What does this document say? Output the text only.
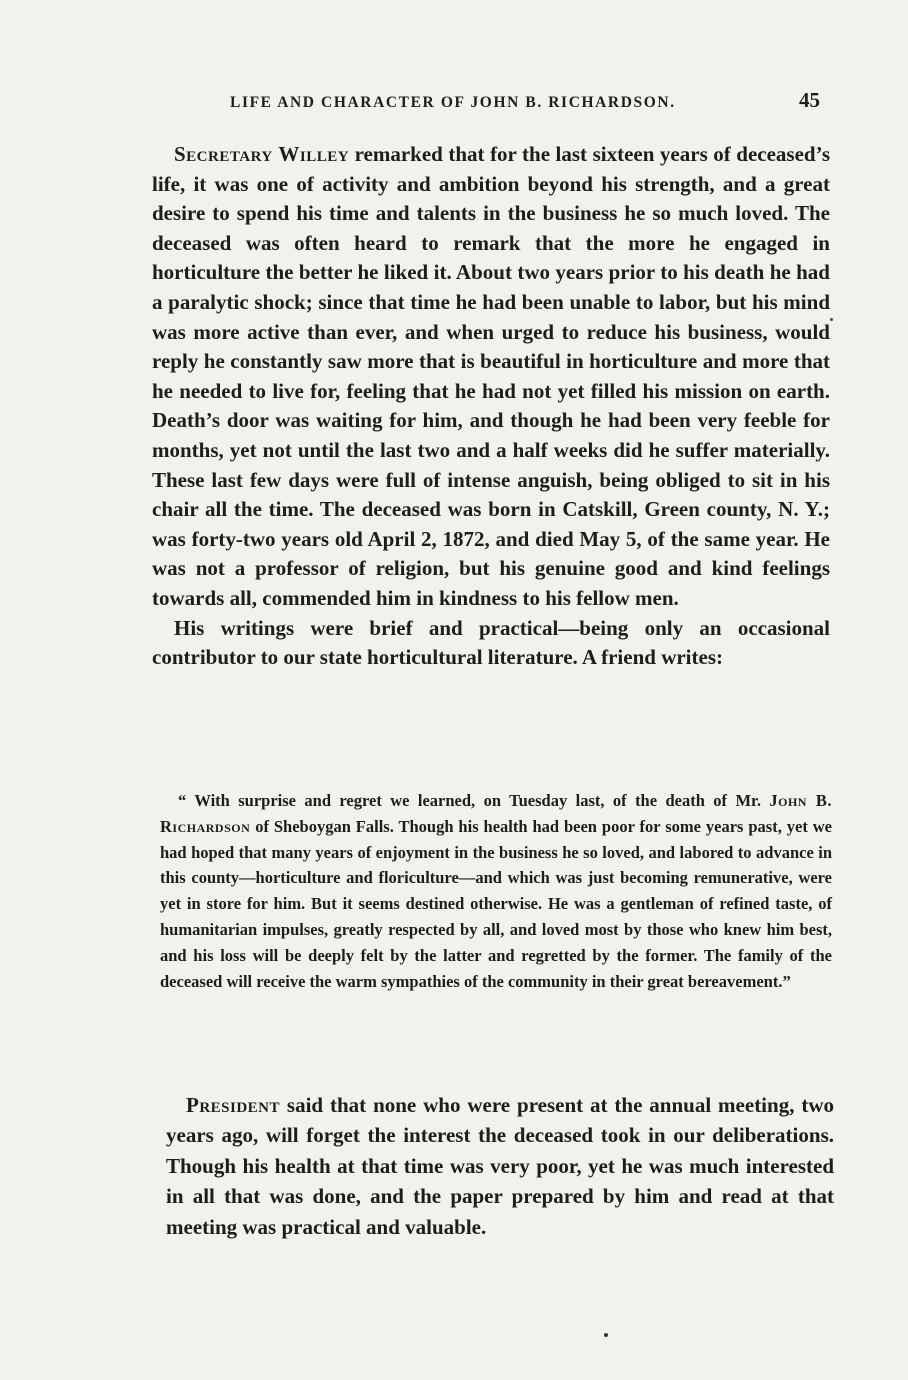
LIFE AND CHARACTER OF JOHN B. RICHARDSON.	45

Secretary Willey remarked that for the last sixteen years of deceased’s life, it was one of activity and ambition beyond his strength, and a great desire to spend his time and talents in the business he so much loved. The deceased was often heard to remark that the more he engaged in horticulture the better he liked it. About two years prior to his death he had a paralytic shock; since that time he had been unable to labor, but his mind was more active than ever, and when urged to reduce his business, would reply he constantly saw more that is beautiful in horticulture and more that he needed to live for, feeling that he had not yet filled his mission on earth. Death’s door was waiting for him, and though he had been very feeble for months, yet not until the last two and a half weeks did he suffer materially. These last few days were full of intense anguish, being obliged to sit in his chair all the time. The deceased was born in Catskill, Green county, N. Y.; was forty-two years old April 2, 1872, and died May 5, of the same year. He was not a professor of religion, but his genuine good and kind feelings towards all, commended him in kindness to his fellow men.

His writings were brief and practical—being only an occasional contributor to our state horticultural literature. A friend writes:

“ With surprise and regret we learned, on Tuesday last, of the death of Mr. John B. Richardson of Sheboygan Falls. Though his health had been poor for some years past, yet we had hoped that many years of enjoyment in the business he so loved, and labored to advance in this county—horticulture and floriculture—and which was just becoming remunerative, were yet in store for him. But it seems destined otherwise. He was a gentleman of refined taste, of humanitarian impulses, greatly respected by all, and loved most by those who knew him best, and his loss will be deeply felt by the latter and regretted by the former. The family of the deceased will receive the warm sympathies of the community in their great bereavement.”

President said that none who were present at the annual meeting, two years ago, will forget the interest the deceased took in our deliberations. Though his health at that time was very poor, yet he was much interested in all that was done, and the paper prepared by him and read at that meeting was practical and valuable.
